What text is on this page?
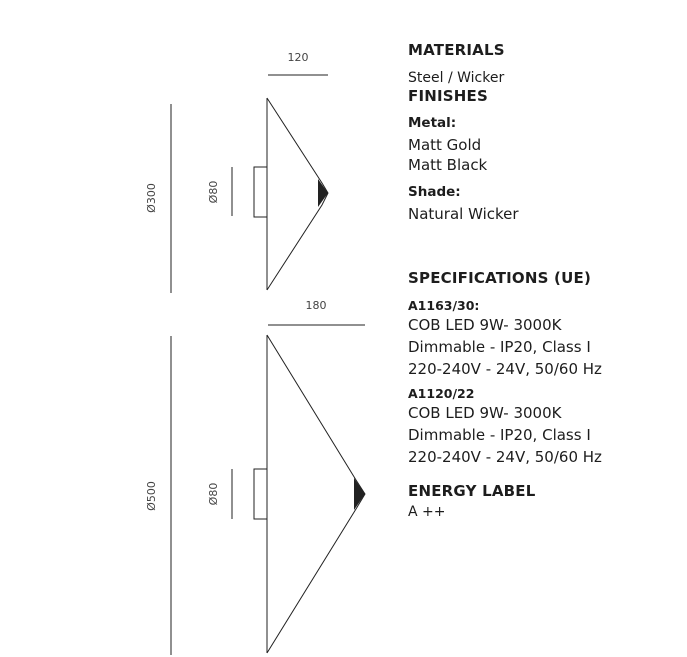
120
Ø300	Ø80
180
Ø500	Ø80

MATERIALS

Steel / Wicker

FINISHES

Metal:

Matt Gold

Matt Black

Shade:

Natural Wicker

SPECIFICATIONS (UE)

A1163/30:

COB LED 9W- 3000K

Dimmable - IP20, Class I

220-240V - 24V, 50/60 Hz

A1120/22

COB LED 9W- 3000K

Dimmable - IP20, Class I

220-240V - 24V, 50/60 Hz

ENERGY LABEL

A ++
